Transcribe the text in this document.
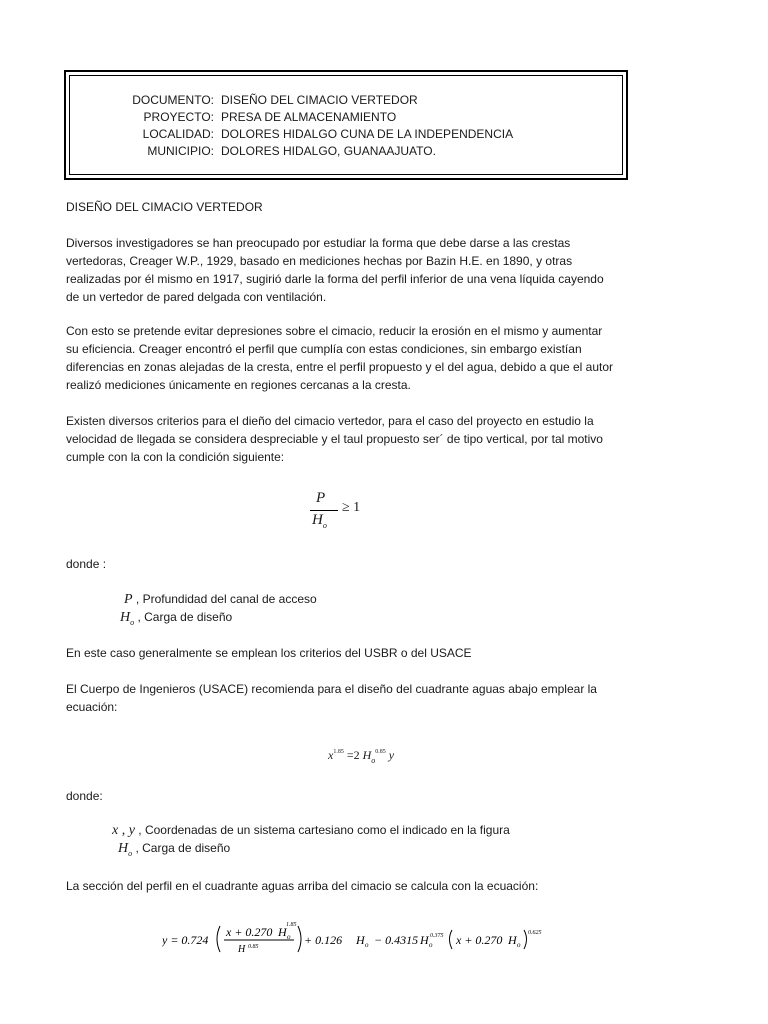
DOCUMENTO: DISEÑO DEL CIMACIO VERTEDOR
PROYECTO: PRESA DE ALMACENAMIENTO
LOCALIDAD: DOLORES HIDALGO CUNA DE LA INDEPENDENCIA
MUNICIPIO: DOLORES HIDALGO, GUANAAJUATO.
DISEÑO DEL CIMACIO VERTEDOR
Diversos investigadores se han preocupado por estudiar la forma que debe darse a las crestas
vertedoras, Creager W.P., 1929, basado en mediciones hechas por Bazin H.E. en 1890, y otras
realizadas por él mismo en 1917, sugirió darle la forma del perfil inferior de una vena líquida cayendo
de un vertedor de pared delgada con ventilación.
Con esto se pretende evitar depresiones sobre el cimacio, reducir la erosión en el mismo y aumentar
su eficiencia. Creager encontró el perfil que cumplía con estas condiciones, sin embargo existían
diferencias en zonas alejadas de la cresta, entre el perfil propuesto y el del agua, debido a que el autor
realizó mediciones únicamente en regiones cercanas a la cresta.
Existen diversos criterios para el dieño del cimacio vertedor, para el caso del proyecto en estudio la
velocidad de llegada se considera despreciable y el taul propuesto ser´ de tipo vertical, por tal motivo
cumple con la con la condición siguiente:
P
$H_o$
≥ 1
donde :
P , Profundidad del canal de acceso
$H_o$ , Carga de diseño
En este caso generalmente se emplean los criterios del USBR o del USACE
El Cuerpo de Ingenieros (USACE) recomienda para el diseño del cuadrante aguas abajo emplear la
ecuación:
$x^{1.85} =2$ $H_o^{0.85}$ y
donde:
x , y , Coordenadas de un sistema cartesiano como el indicado en la figura
$H_o$ , Carga de diseño
La sección del perfil en el cuadrante aguas arriba del cimacio se calcula con la ecuación:
y = 0.724
x + 0.270 H o
H 0.85
1.85
+ 0.126 H o − 0.4315 H o
0.375 x + 0.270 H o
0.625
